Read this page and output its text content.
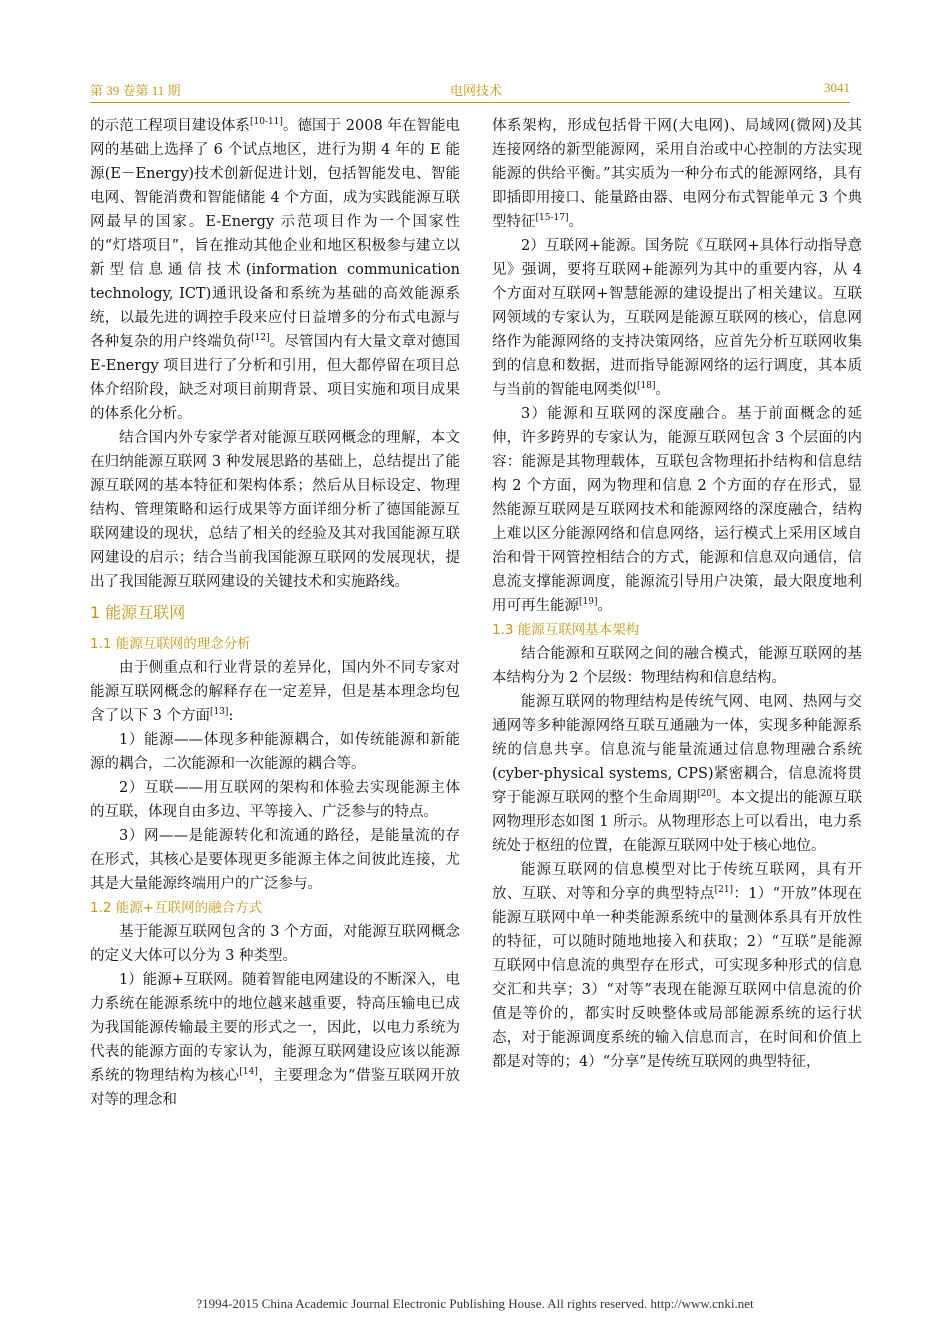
第 39 卷第 11 期	电网技术	3041

的示范工程项目建设体系[10-11]。德国于 2008 年在智能电网的基础上选择了 6 个试点地区，进行为期 4 年的 E 能源(E－Energy)技术创新促进计划，包括智能发电、智能电网、智能消费和智能储能 4 个方面，成为实践能源互联网最早的国家。E-Energy 示范项目作为一个国家性的“灯塔项目”，旨在推动其他企业和地区积极参与建立以新型信息通信技术(information communication technology, ICT)通讯设备和系统为基础的高效能源系统，以最先进的调控手段来应付日益增多的分布式电源与各种复杂的用户终端负荷[12]。尽管国内有大量文章对德国 E-Energy 项目进行了分析和引用，但大都停留在项目总体介绍阶段，缺乏对项目前期背景、项目实施和项目成果的体系化分析。

结合国内外专家学者对能源互联网概念的理解，本文在归纳能源互联网 3 种发展思路的基础上，总结提出了能源互联网的基本特征和架构体系；然后从目标设定、物理结构、管理策略和运行成果等方面详细分析了德国能源互联网建设的现状，总结了相关的经验及其对我国能源互联网建设的启示；结合当前我国能源互联网的发展现状，提出了我国能源互联网建设的关键技术和实施路线。

1 能源互联网
1.1 能源互联网的理念分析

由于侧重点和行业背景的差异化，国内外不同专家对能源互联网概念的解释存在一定差异，但是基本理念均包含了以下 3 个方面[13]:

1）能源——体现多种能源耦合，如传统能源和新能源的耦合，二次能源和一次能源的耦合等。

2）互联——用互联网的架构和体验去实现能源主体的互联，体现自由多边、平等接入、广泛参与的特点。

3）网——是能源转化和流通的路径，是能量流的存在形式，其核心是要体现更多能源主体之间彼此连接，尤其是大量能源终端用户的广泛参与。

1.2 能源+互联网的融合方式

基于能源互联网包含的 3 个方面，对能源互联网概念的定义大体可以分为 3 种类型。

1）能源+互联网。随着智能电网建设的不断深入，电力系统在能源系统中的地位越来越重要，特高压输电已成为我国能源传输最主要的形式之一，因此，以电力系统为代表的能源方面的专家认为，能源互联网建设应该以能源系统的物理结构为核心[14]，主要理念为“借鉴互联网开放对等的理念和

体系架构，形成包括骨干网(大电网)、局域网(微网)及其连接网络的新型能源网，采用自治或中心控制的方法实现能源的供给平衡。”其实质为一种分布式的能源网络，具有即插即用接口、能量路由器、电网分布式智能单元 3 个典型特征[15-17]。

2）互联网+能源。国务院《互联网+具体行动指导意见》强调，要将互联网+能源列为其中的重要内容，从 4 个方面对互联网+智慧能源的建设提出了相关建议。互联网领域的专家认为，互联网是能源互联网的核心，信息网络作为能源网络的支持决策网络，应首先分析互联网收集到的信息和数据，进而指导能源网络的运行调度，其本质与当前的智能电网类似[18]。

3）能源和互联网的深度融合。基于前面概念的延伸，许多跨界的专家认为，能源互联网包含 3 个层面的内容：能源是其物理载体，互联包含物理拓扑结构和信息结构 2 个方面，网为物理和信息 2 个方面的存在形式，显然能源互联网是互联网技术和能源网络的深度融合，结构上难以区分能源网络和信息网络，运行模式上采用区域自治和骨干网管控相结合的方式，能源和信息双向通信，信息流支撑能源调度，能源流引导用户决策，最大限度地利用可再生能源[19]。

1.3 能源互联网基本架构

结合能源和互联网之间的融合模式，能源互联网的基本结构分为 2 个层级：物理结构和信息结构。

能源互联网的物理结构是传统气网、电网、热网与交通网等多种能源网络互联互通融为一体，实现多种能源系统的信息共享。信息流与能量流通过信息物理融合系统(cyber-physical systems, CPS)紧密耦合，信息流将贯穿于能源互联网的整个生命周期[20]。本文提出的能源互联网物理形态如图 1 所示。从物理形态上可以看出，电力系统处于枢纽的位置，在能源互联网中处于核心地位。

能源互联网的信息模型对比于传统互联网，具有开放、互联、对等和分享的典型特点[21]：1）“开放”体现在能源互联网中单一种类能源系统中的量测体系具有开放性的特征，可以随时随地地接入和获取；2）“互联”是能源互联网中信息流的典型存在形式，可实现多种形式的信息交汇和共享；3）“对等”表现在能源互联网中信息流的价值是等价的，都实时反映整体或局部能源系统的运行状态，对于能源调度系统的输入信息而言，在时间和价值上都是对等的；4）“分享”是传统互联网的典型特征，

?1994-2015 China Academic Journal Electronic Publishing House. All rights reserved. http://www.cnki.net
